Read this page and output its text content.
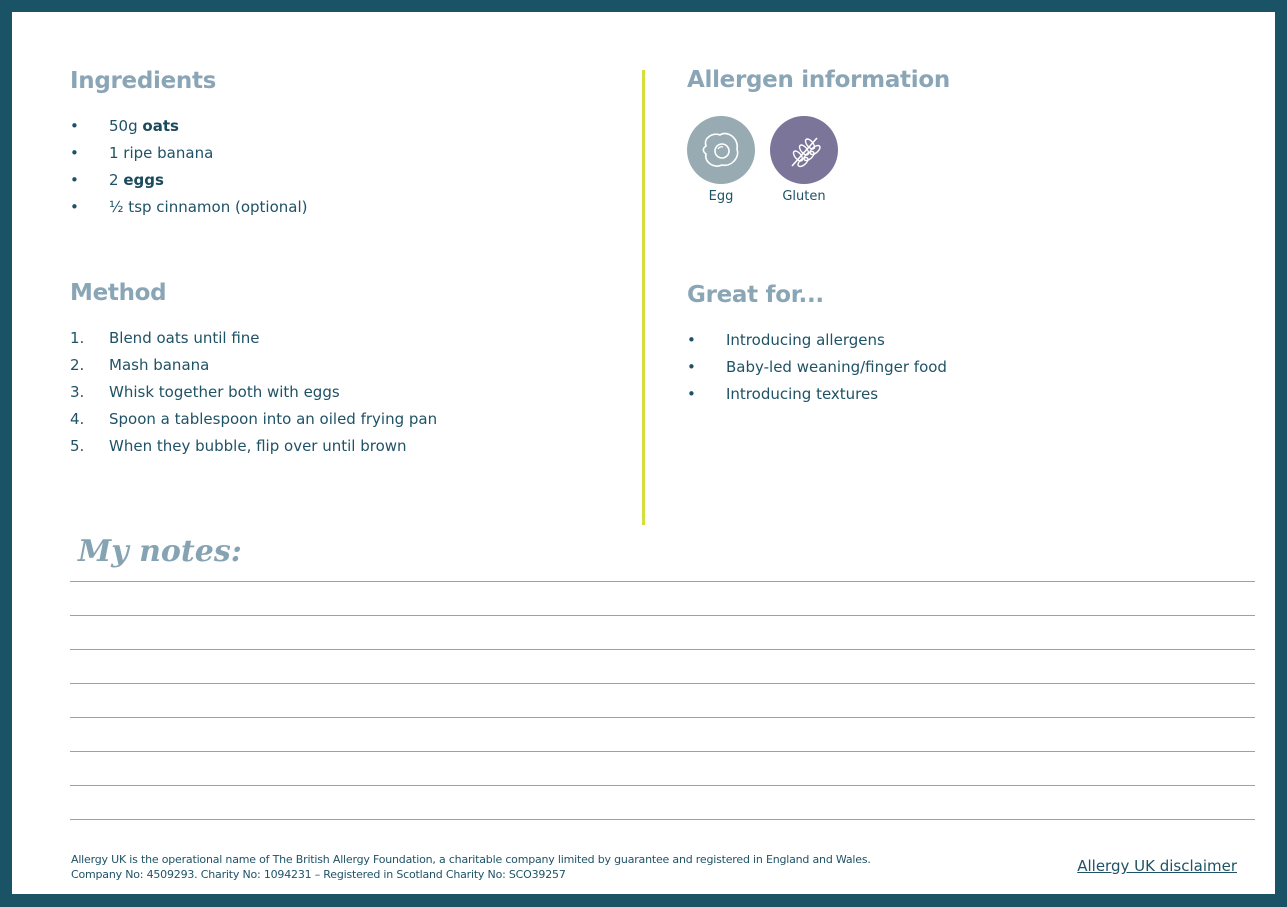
Ingredients
•	50g oats
•	1 ripe banana
•	2 eggs
•	½ tsp cinnamon (optional)
Method
1.	Blend oats until fine
2.	Mash banana
3.	Whisk together both with eggs
4.	Spoon a tablespoon into an oiled frying pan
5.	When they bubble, flip over until brown
Allergen information
Egg	Gluten
Great for...
•	Introducing allergens
•	Baby-led weaning/finger food
•	Introducing textures
My notes:
Allergy UK is the operational name of The British Allergy Foundation, a charitable company limited by guarantee and registered in England and Wales.
Company No: 4509293. Charity No: 1094231 – Registered in Scotland Charity No: SCO39257	Allergy UK disclaimer
